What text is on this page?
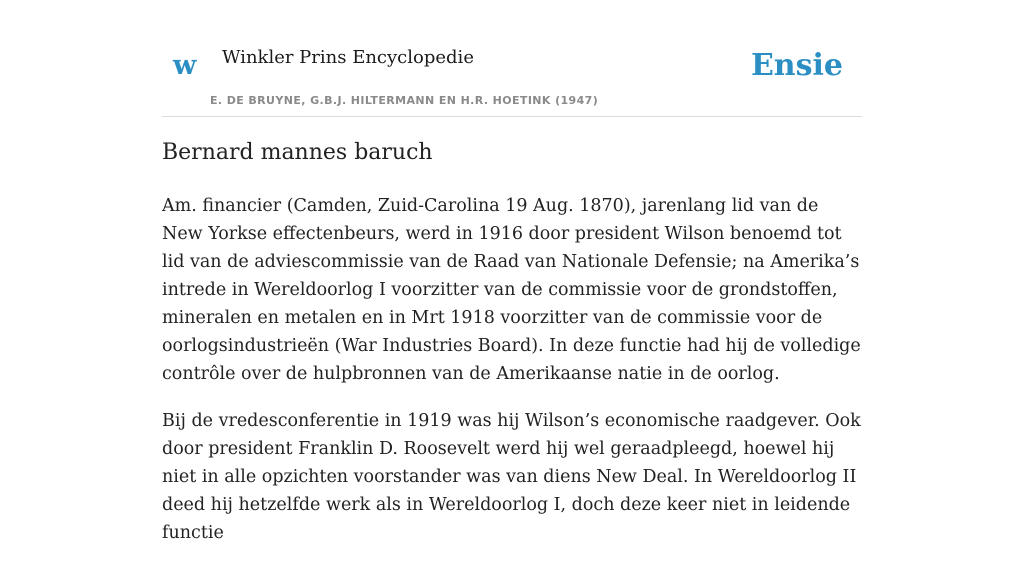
w Winkler Prins Encyclopedie
E. DE BRUYNE, G.B.J. HILTERMANN EN H.R. HOETINK (1947)
Ensie
Bernard mannes baruch

Am. financier (Camden, Zuid-Carolina 19 Aug. 1870), jarenlang lid van de New Yorkse effectenbeurs, werd in 1916 door president Wilson benoemd tot lid van de adviescommissie van de Raad van Nationale Defensie; na Amerika’s intrede in Wereldoorlog I voorzitter van de commissie voor de grondstoffen, mineralen en metalen en in Mrt 1918 voorzitter van de commissie voor de oorlogsindustrieën (War Industries Board). In deze functie had hij de volledige contrôle over de hulpbronnen van de Amerikaanse natie in de oorlog.

Bij de vredesconferentie in 1919 was hij Wilson’s economische raadgever. Ook door president Franklin D. Roosevelt werd hij wel geraadpleegd, hoewel hij niet in alle opzichten voorstander was van diens New Deal. In Wereldoorlog II deed hij hetzelfde werk als in Wereldoorlog I, doch deze keer niet in leidende functie
